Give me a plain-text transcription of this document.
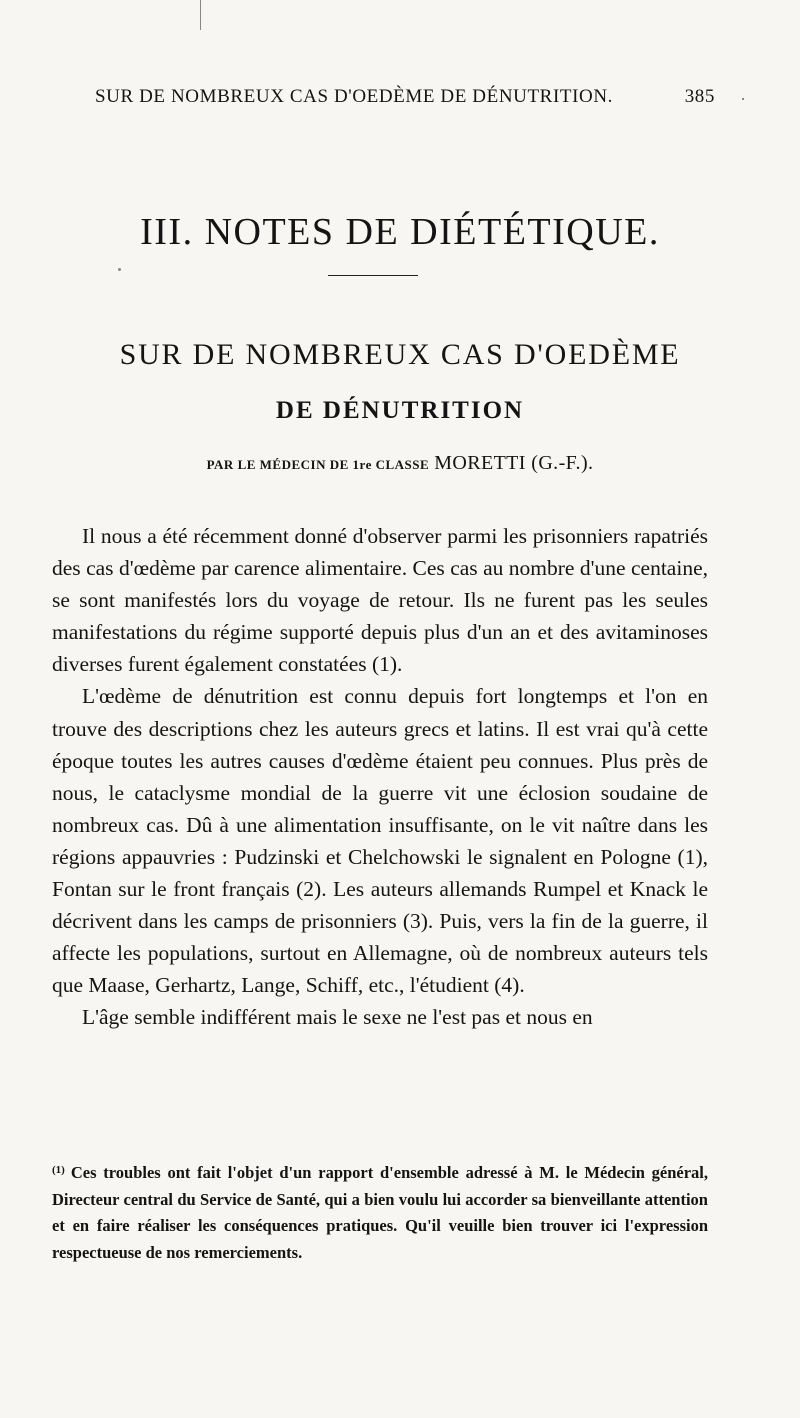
SUR DE NOMBREUX CAS D'OEDÈME DE DÉNUTRITION.	385
III. NOTES DE DIÉTÉTIQUE.
SUR DE NOMBREUX CAS D'OEDÈME
DE DÉNUTRITION
PAR LE MÉDECIN DE 1re CLASSE MORETTI (G.-F.).

Il nous a été récemment donné d'observer parmi les prisonniers rapatriés des cas d'œdème par carence alimentaire. Ces cas au nombre d'une centaine, se sont manifestés lors du voyage de retour. Ils ne furent pas les seules manifestations du régime supporté depuis plus d'un an et des avitaminoses diverses furent également constatées (1).

L'œdème de dénutrition est connu depuis fort longtemps et l'on en trouve des descriptions chez les auteurs grecs et latins. Il est vrai qu'à cette époque toutes les autres causes d'œdème étaient peu connues. Plus près de nous, le cataclysme mondial de la guerre vit une éclosion soudaine de nombreux cas. Dû à une alimentation insuffisante, on le vit naître dans les régions appauvries : Pudzinski et Chelchowski le signalent en Pologne (1), Fontan sur le front français (2). Les auteurs allemands Rumpel et Knack le décrivent dans les camps de prisonniers (3). Puis, vers la fin de la guerre, il affecte les populations, surtout en Allemagne, où de nombreux auteurs tels que Maase, Gerhartz, Lange, Schiff, etc., l'étudient (4).

L'âge semble indifférent mais le sexe ne l'est pas et nous en

$^{(1)}$ Ces troubles ont fait l'objet d'un rapport d'ensemble adressé à M. le Médecin général, Directeur central du Service de Santé, qui a bien voulu lui accorder sa bienveillante attention et en faire réaliser les conséquences pratiques. Qu'il veuille bien trouver ici l'expression respectueuse de nos remerciements.
